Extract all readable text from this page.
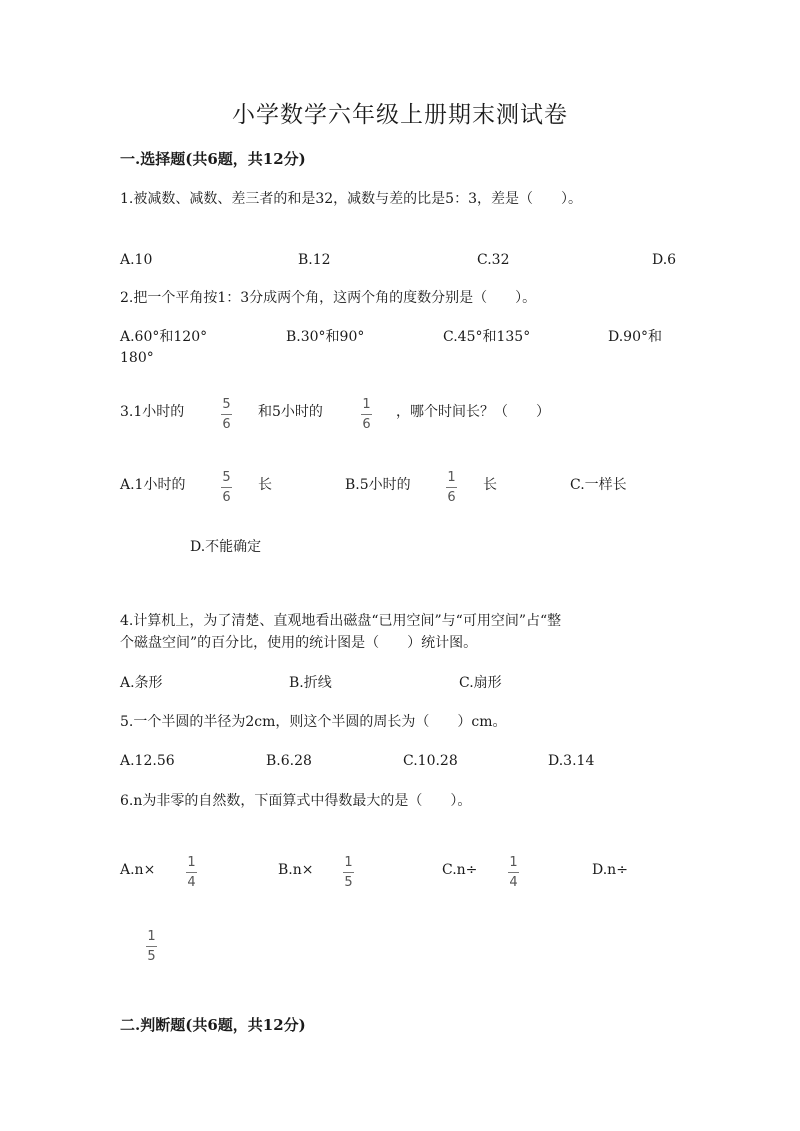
小学数学六年级上册期末测试卷
一.选择题(共6题，共12分)
1.被减数、减数、差三者的和是32，减数与差的比是5：3，差是（　　）。
A.10	B.12	C.32	D.6
2.把一个平角按1：3分成两个角，这两个角的度数分别是（　　）。
A.60°和120°	B.30°和90°	C.45°和135°	D.90°和
180°
3.1小时的	5
6
和5小时的	1
6
，哪个时间长？（　　）
A.1小时的	5
6
长	B.5小时的	1
6
长	C.一样长
D.不能确定
4.计算机上，为了清楚、直观地看出磁盘“已用空间”与“可用空间”占“整
个磁盘空间”的百分比，使用的统计图是（　　）统计图。
A.条形	B.折线	C.扇形
5.一个半圆的半径为2cm，则这个半圆的周长为（　　）cm。
A.12.56	B.6.28	C.10.28	D.3.14
6.n为非零的自然数，下面算式中得数最大的是（　　）。
A.n× 1
4
B.n× 1
5
C.n÷ 1
4
D.n÷
1
5
二.判断题(共6题，共12分)
